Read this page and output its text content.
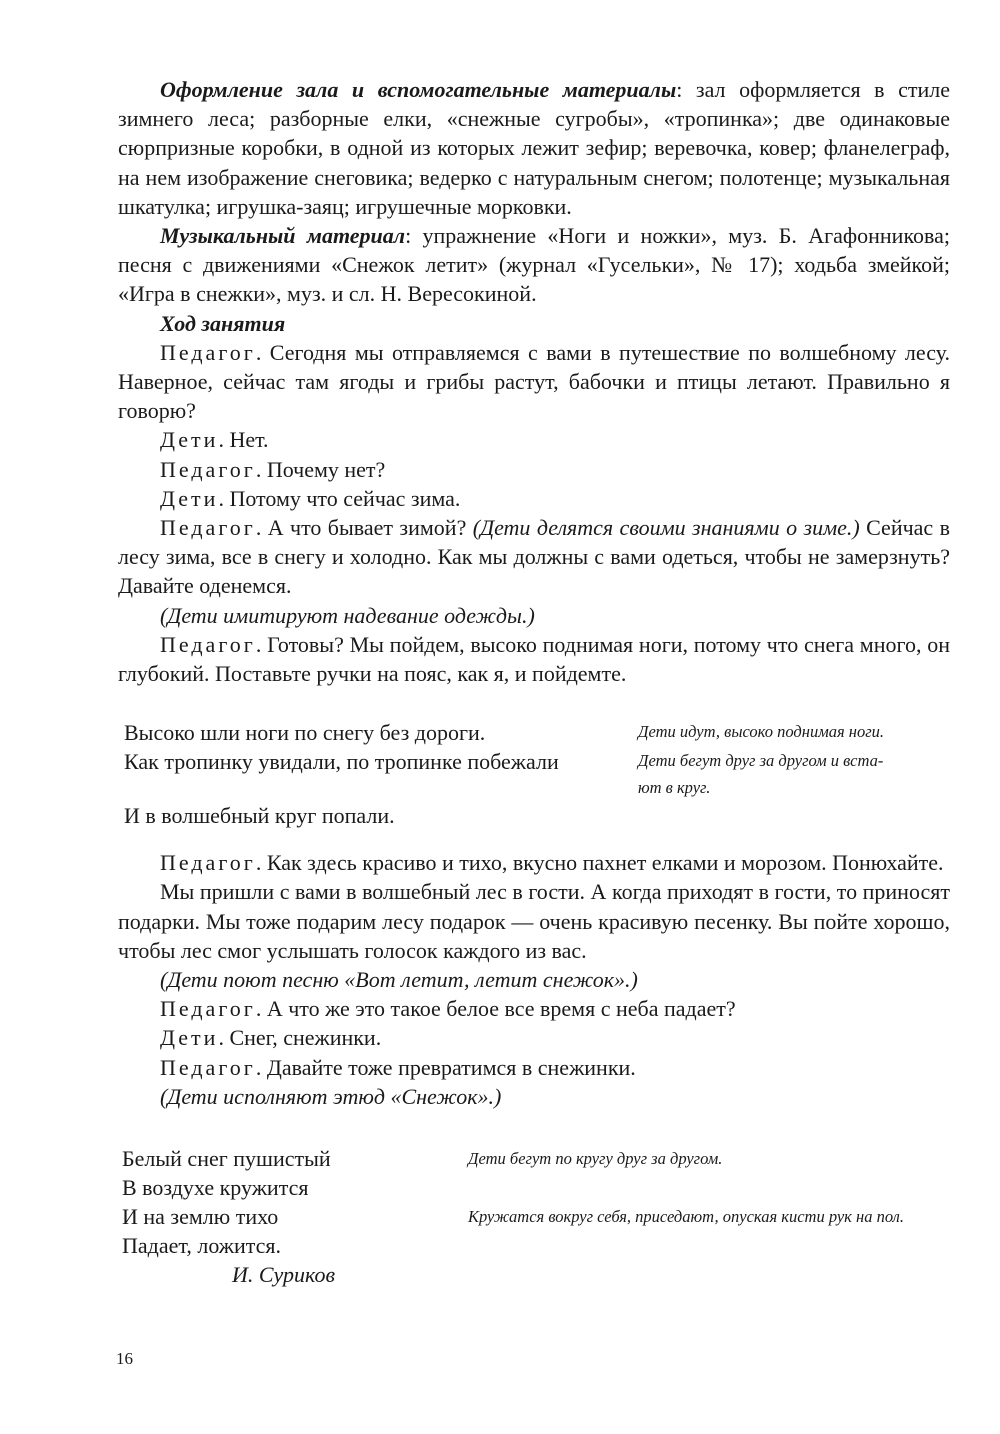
Оформление зала и вспомогательные материалы: зал оформляется в стиле зимнего леса; разборные елки, «снежные сугробы», «тропинка»; две одинаковые сюрпризные коробки, в одной из которых лежит зефир; веревочка, ковер; фланелеграф, на нем изображение снеговика; ведерко с натуральным снегом; полотенце; музыкальная шкатулка; игрушка-заяц; игрушечные морковки.

Музыкальный материал: упражнение «Ноги и ножки», муз. Б. Агафонникова; песня с движениями «Снежок летит» (журнал «Гусельки», № 17); ходьба змейкой; «Игра в снежки», муз. и сл. Н. Вересокиной.

Ход занятия

Педагог. Сегодня мы отправляемся с вами в путешествие по волшебному лесу. Наверное, сейчас там ягоды и грибы растут, бабочки и птицы летают. Правильно я говорю?

Дети. Нет.

Педагог. Почему нет?

Дети. Потому что сейчас зима.

Педагог. А что бывает зимой? (Дети делятся своими знаниями о зиме.) Сейчас в лесу зима, все в снегу и холодно. Как мы должны с вами одеться, чтобы не замерзнуть? Давайте оденемся.

(Дети имитируют надевание одежды.)

Педагог. Готовы? Мы пойдем, высоко поднимая ноги, потому что снега много, он глубокий. Поставьте ручки на пояс, как я, и пойдемте.

Высоко шли ноги по снегу без дороги.
Как тропинку увидали, по тропинке побежали
И в волшебный круг попали.
Дети идут, высоко поднимая ноги.
Дети бегут друг за другом и вста-
ют в круг.

Педагог. Как здесь красиво и тихо, вкусно пахнет елками и морозом. Понюхайте.

Мы пришли с вами в волшебный лес в гости. А когда приходят в гости, то приносят подарки. Мы тоже подарим лесу подарок — очень красивую песенку. Вы пойте хорошо, чтобы лес смог услышать голосок каждого из вас.

(Дети поют песню «Вот летит, летит снежок».)

Педагог. А что же это такое белое все время с неба падает?

Дети. Снег, снежинки.

Педагог. Давайте тоже превратимся в снежинки.

(Дети исполняют этюд «Снежок».)

Белый снег пушистый
В воздухе кружится
И на землю тихо
Падает, ложится.
И. Суриков
Дети бегут по кругу друг за другом.
Кружатся вокруг себя, приседают, опуская кисти рук на пол.
16
